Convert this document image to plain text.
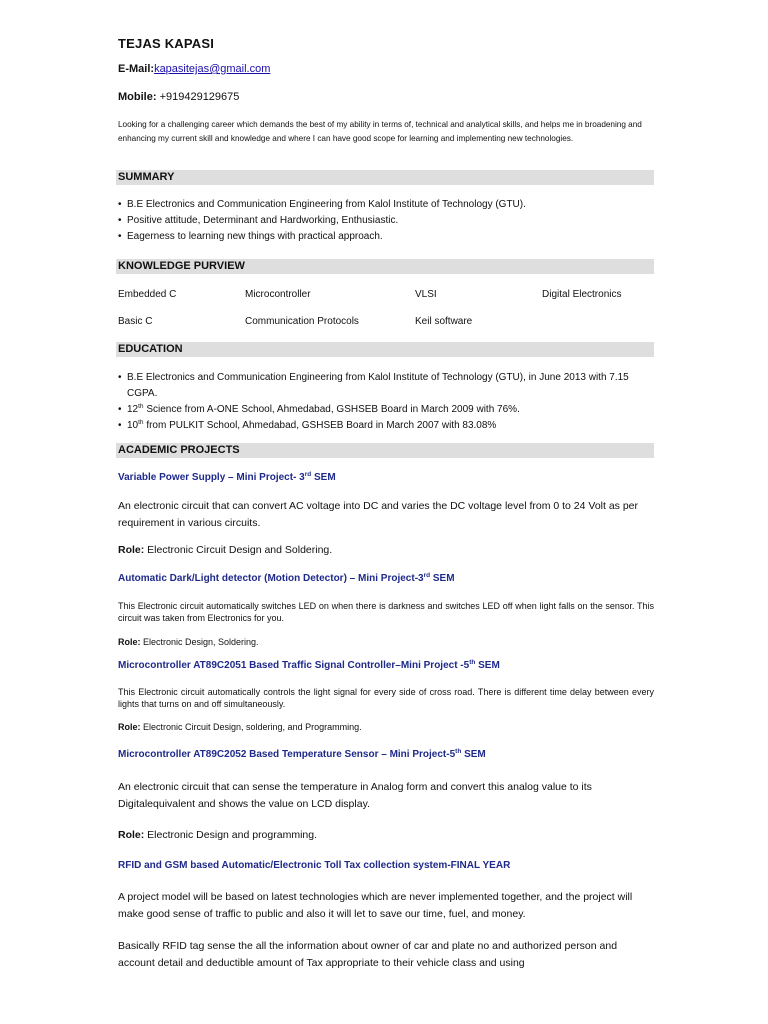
TEJAS KAPASI
E-Mail:kapasitejas@gmail.com
Mobile: +919429129675
Looking for a challenging career which demands the best of my ability in terms of, technical and analytical skills, and helps me in broadening and enhancing my current skill and knowledge and where I can have good scope for learning and implementing new technologies.
SUMMARY
• B.E Electronics and Communication Engineering from Kalol Institute of Technology (GTU).
• Positive attitude, Determinant and Hardworking, Enthusiastic.
• Eagerness to learning new things with practical approach.
KNOWLEDGE PURVIEW
Embedded C	Microcontroller	VLSI	Digital Electronics
Basic C	Communication Protocols	Keil software
EDUCATION
• B.E Electronics and Communication Engineering from Kalol Institute of Technology (GTU), in June 2013 with 7.15 CGPA.
• 12th Science from A-ONE School, Ahmedabad, GSHSEB Board in March 2009 with 76%.
• 10th from PULKIT School, Ahmedabad, GSHSEB Board in March 2007 with 83.08%
ACADEMIC PROJECTS
Variable Power Supply – Mini Project- 3rd SEM
An electronic circuit that can convert AC voltage into DC and varies the DC voltage level from 0 to 24 Volt as per requirement in various circuits.
Role: Electronic Circuit Design and Soldering.
Automatic Dark/Light detector (Motion Detector) – Mini Project-3rd SEM
This Electronic circuit automatically switches LED on when there is darkness and switches LED off when light falls on the sensor. This circuit was taken from Electronics for you.
Role: Electronic Design, Soldering.
Microcontroller AT89C2051 Based Traffic Signal Controller–Mini Project -5th SEM
This Electronic circuit automatically controls the light signal for every side of cross road. There is different time delay between every lights that turns on and off simultaneously.
Role: Electronic Circuit Design, soldering, and Programming.
Microcontroller AT89C2052 Based Temperature Sensor – Mini Project-5th SEM
An electronic circuit that can sense the temperature in Analog form and convert this analog value to its Digitalequivalent and shows the value on LCD display.
Role: Electronic Design and programming.
RFID and GSM based Automatic/Electronic Toll Tax collection system-FINAL YEAR
A project model will be based on latest technologies which are never implemented together, and the project will make good sense of traffic to public and also it will let to save our time, fuel, and money.
Basically RFID tag sense the all the information about owner of car and plate no and authorized person and account detail and deductible amount of Tax appropriate to their vehicle class and using
